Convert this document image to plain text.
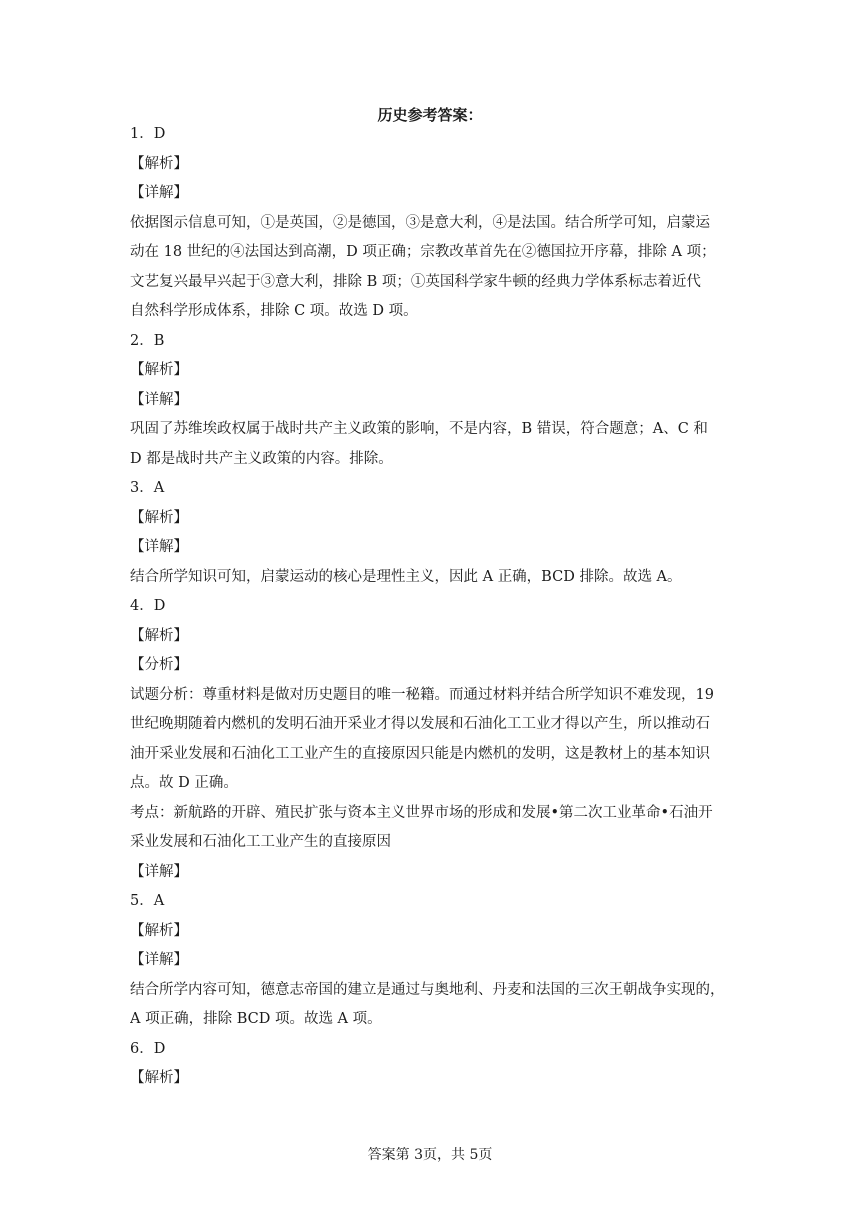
历史参考答案：
1．D
【解析】
【详解】
依据图示信息可知，①是英国，②是德国，③是意大利，④是法国。结合所学可知，启蒙运
动在 18 世纪的④法国达到高潮，D 项正确；宗教改革首先在②德国拉开序幕，排除 A 项；
文艺复兴最早兴起于③意大利，排除 B 项；①英国科学家牛顿的经典力学体系标志着近代
自然科学形成体系，排除 C 项。故选 D 项。
2．B
【解析】
【详解】
巩固了苏维埃政权属于战时共产主义政策的影响，不是内容，B 错误，符合题意；A、C 和
D 都是战时共产主义政策的内容。排除。
3．A
【解析】
【详解】
结合所学知识可知，启蒙运动的核心是理性主义，因此 A 正确，BCD 排除。故选 A。
4．D
【解析】
【分析】
试题分析：尊重材料是做对历史题目的唯一秘籍。而通过材料并结合所学知识不难发现，19
世纪晚期随着内燃机的发明石油开采业才得以发展和石油化工工业才得以产生，所以推动石
油开采业发展和石油化工工业产生的直接原因只能是内燃机的发明，这是教材上的基本知识
点。故 D 正确。
考点：新航路的开辟、殖民扩张与资本主义世界市场的形成和发展•第二次工业革命•石油开
采业发展和石油化工工业产生的直接原因
【详解】
5．A
【解析】
【详解】
结合所学内容可知，德意志帝国的建立是通过与奥地利、丹麦和法国的三次王朝战争实现的，
A 项正确，排除 BCD 项。故选 A 项。
6．D
【解析】
答案第 3页，共 5页
